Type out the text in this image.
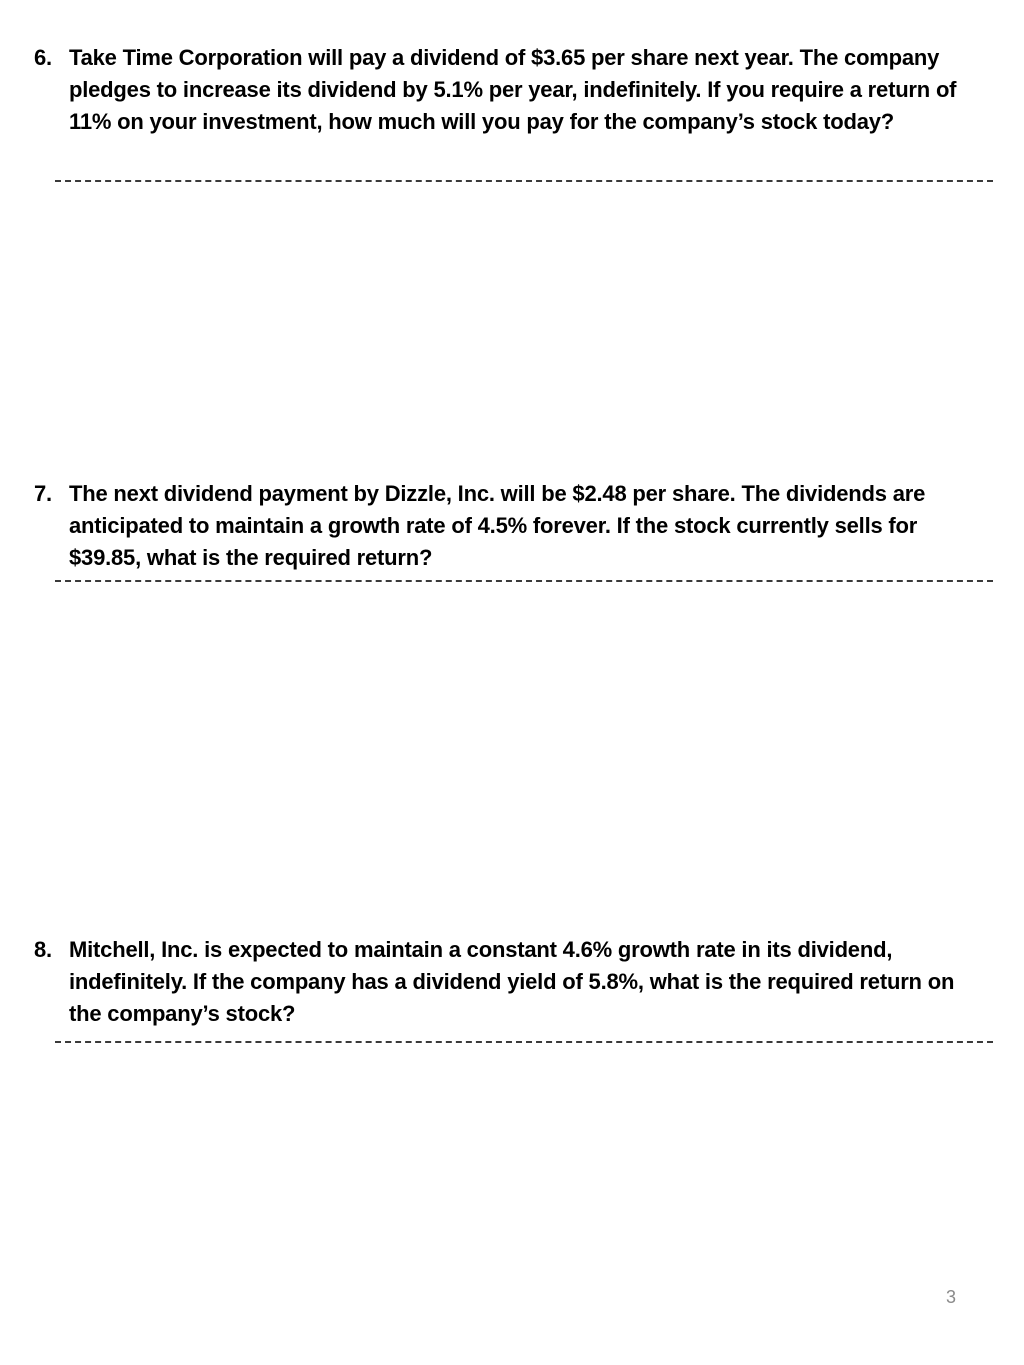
6. Take Time Corporation will pay a dividend of $3.65 per share next year. The company pledges to increase its dividend by 5.1% per year, indefinitely. If you require a return of 11% on your investment, how much will you pay for the company’s stock today?
7. The next dividend payment by Dizzle, Inc. will be $2.48 per share. The dividends are anticipated to maintain a growth rate of 4.5% forever. If the stock currently sells for $39.85, what is the required return?
8. Mitchell, Inc. is expected to maintain a constant 4.6% growth rate in its dividend, indefinitely. If the company has a dividend yield of 5.8%, what is the required return on the company’s stock?
3
